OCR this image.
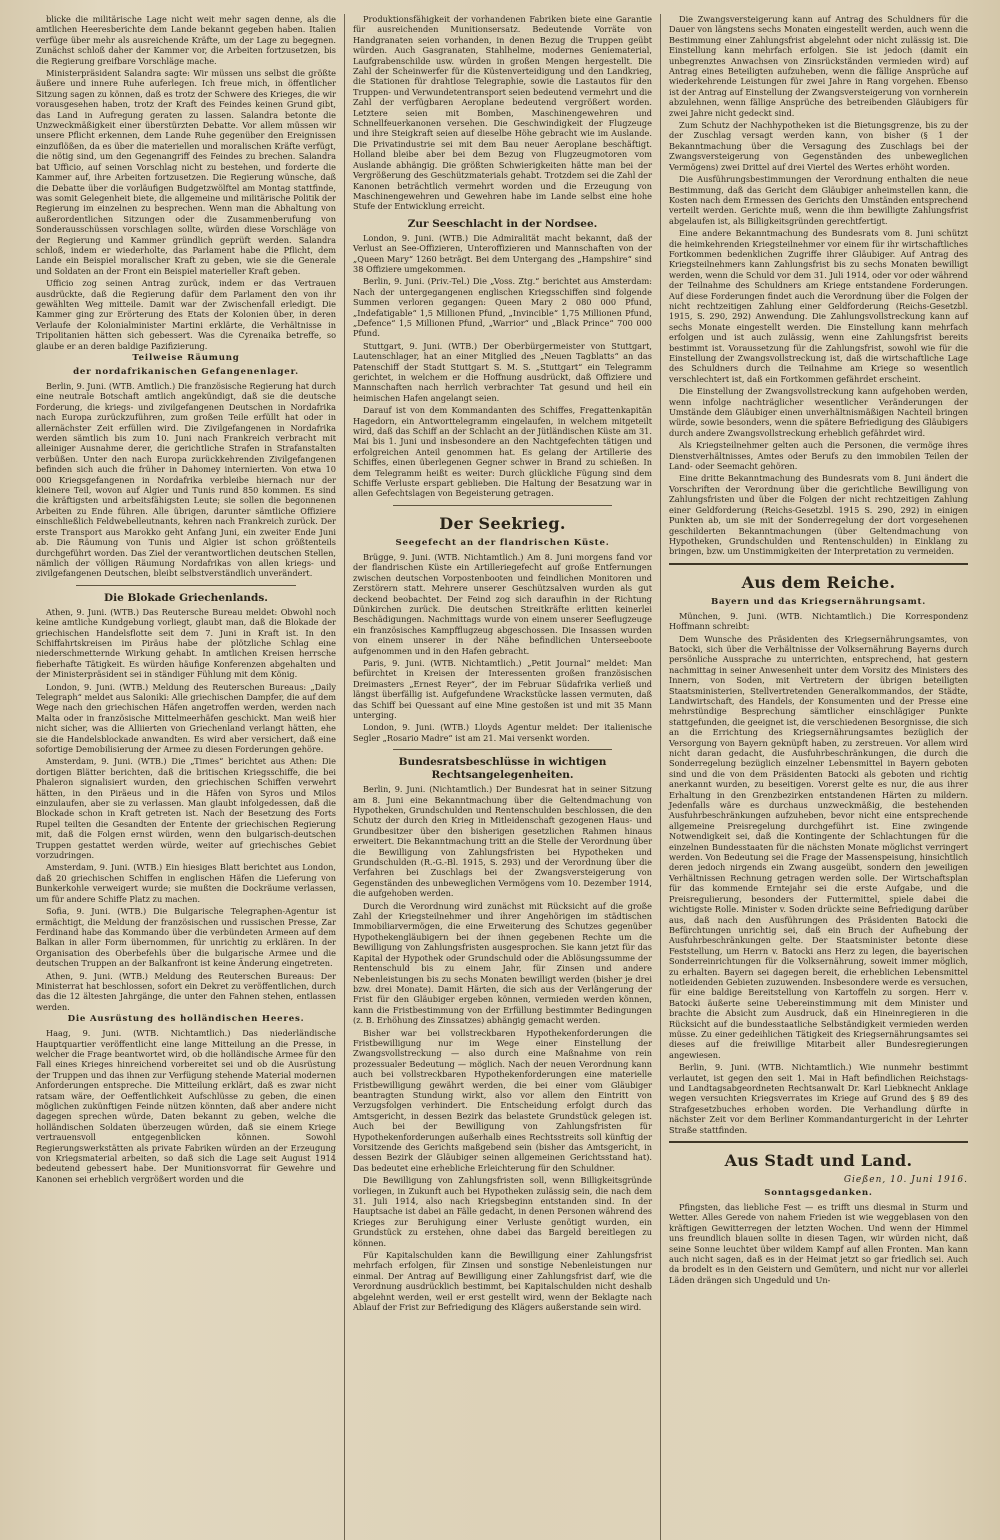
blicke die militärische Lage nicht weit mehr sagen denne, als die amtlichen Heeresberichte dem Lande bekannt gegeben haben. Italien verfüge über mehr als ausreichende Kräfte, um der Lage zu begegnen. Zunächst schloß daher der Kammer vor, die Arbeiten fortzusetzen, bis die Regierung greifbare Vorschläge mache.

Ministerpräsident Salandra sagte: Wir müssen uns selbst die größte äußere und innere Ruhe auferlegen. Ich freue mich, in öffentlicher Sitzung sagen zu können, daß es trotz der Schwere des Krieges, die wir vorausgesehen haben, trotz der Kraft des Feindes keinen Grund gibt, das Land in Aufregung geraten zu lassen. Salandra betonte die Unzweckmäßigkeit einer überstürzten Debatte. Vor allem müssen wir unsere Pflicht erkennen, dem Lande Ruhe gegenüber den Ereignissen einzuflößen, da es über die materiellen und moralischen Kräfte verfügt, die nötig sind, um den Gegenangriff des Feindes zu brechen. Salandra bat Ufficio, auf seinen Vorschlag nicht zu bestehen, und forderte die Kammer auf, ihre Arbeiten fortzusetzen. Die Regierung wünsche, daß die Debatte über die vorläufigen Budgetzwölftel am Montag stattfinde, was somit Gelegenheit biete, die allgemeine und militärische Politik der Regierung im einzelnen zu besprechen. Wenn man die Abhaltung von außerordentlichen Sitzungen oder die Zusammenberufung von Sonderausschüssen vorschlagen sollte, würden diese Vorschläge von der Regierung und Kammer gründlich geprüft werden. Salandra schloß, indem er wiederholte, das Parlament habe die Pflicht, dem Lande ein Beispiel moralischer Kraft zu geben, wie sie die Generale und Soldaten an der Front ein Beispiel materieller Kraft geben.

Ufficio zog seinen Antrag zurück, indem er das Vertrauen ausdrückte, daß die Regierung dafür dem Parlament den von ihr gewählten Weg mitteile. Damit war der Zwischenfall erledigt. Die Kammer ging zur Erörterung des Etats der Kolonien über, in deren Verlaufe der Kolonialminister Martini erklärte, die Verhältnisse in Tripolitanien hätten sich gebessert. Was die Cyrenaika betreffe, so glaube er an deren baldige Pazifizierung.

Teilweise Räumung
der nordafrikanischen Gefangenenlager.

Berlin, 9. Juni. (WTB. Amtlich.) Die französische Regierung hat durch eine neutrale Botschaft amtlich angekündigt, daß sie die deutsche Forderung, die kriegs- und zivilgefangenen Deutschen in Nordafrika nach Europa zurückzuführen, zum großen Teile erfüllt hat oder in allernächster Zeit erfüllen wird. Die Zivilgefangenen in Nordafrika werden sämtlich bis zum 10. Juni nach Frankreich verbracht mit alleiniger Ausnahme derer, die gerichtliche Strafen in Strafanstalten verbüßen. Unter den nach Europa zurückkehrenden Zivilgefangenen befinden sich auch die früher in Dahomey internierten. Von etwa 10 000 Kriegsgefangenen in Nordafrika verbleibe hiernach nur der kleinere Teil, wovon auf Algier und Tunis rund 850 kommen. Es sind die kräftigsten und arbeitsfähigsten Leute; sie sollen die begonnenen Arbeiten zu Ende führen. Alle übrigen, darunter sämtliche Offiziere einschließlich Feldwebelleutnants, kehren nach Frankreich zurück. Der erste Transport aus Marokko geht Anfang Juni, ein zweiter Ende Juni ab. Die Räumung von Tunis und Algier ist schon größtenteils durchgeführt worden. Das Ziel der verantwortlichen deutschen Stellen, nämlich der völligen Räumung Nordafrikas von allen kriegs- und zivilgefangenen Deutschen, bleibt selbstverständlich unverändert.

Die Blokade Griechenlands.

Athen, 9. Juni. (WTB.) Das Reutersche Bureau meldet: Obwohl noch keine amtliche Kundgebung vorliegt, glaubt man, daß die Blokade der griechischen Handelsflotte seit dem 7. Juni in Kraft ist. In den Schiffahrtskreisen im Piräus habe der plötzliche Schlag eine niederschmetternde Wirkung gehabt. In amtlichen Kreisen herrsche fieberhafte Tätigkeit. Es würden häufige Konferenzen abgehalten und der Ministerpräsident sei in ständiger Fühlung mit dem König.

London, 9. Juni. (WTB.) Meldung des Reuterschen Bureaus: „Daily Telegraph“ meldet aus Saloniki: Alle griechischen Dampfer, die auf dem Wege nach den griechischen Häfen angetroffen werden, werden nach Malta oder in französische Mittelmeerhäfen geschickt. Man weiß hier nicht sicher, was die Alliierten von Griechenland verlangt hätten, ehe sie die Handelsblockade anwandten. Es wird aber versichert, daß eine sofortige Demobilisierung der Armee zu diesen Forderungen gehöre.

Amsterdam, 9. Juni. (WTB.) Die „Times“ berichtet aus Athen: Die dortigen Blätter berichten, daß die britischen Kriegsschiffe, die bei Phaleron signalisiert wurden, den griechischen Schiffen verwehrt hätten, in den Piräeus und in die Häfen von Syros und Milos einzulaufen, aber sie zu verlassen. Man glaubt infolgedessen, daß die Blockade schon in Kraft getreten ist. Nach der Besetzung des Forts Rupel teilten die Gesandten der Entente der griechischen Regierung mit, daß die Folgen ernst würden, wenn den bulgarisch-deutschen Truppen gestattet werden würde, weiter auf griechisches Gebiet vorzudringen.

Amsterdam, 9. Juni. (WTB.) Ein hiesiges Blatt berichtet aus London, daß 20 griechischen Schiffen in englischen Häfen die Lieferung von Bunkerkohle verweigert wurde; sie mußten die Dockräume verlassen, um für andere Schiffe Platz zu machen.

Sofia, 9. Juni. (WTB.) Die Bulgarische Telegraphen-Agentur ist ermächtigt, die Meldung der französischen und russischen Presse, Zar Ferdinand habe das Kommando über die verbündeten Armeen auf dem Balkan in aller Form übernommen, für unrichtig zu erklären. In der Organisation des Oberbefehls über die bulgarische Armee und die deutschen Truppen an der Balkanfront ist keine Änderung eingetreten.

Athen, 9. Juni. (WTB.) Meldung des Reuterschen Bureaus: Der Ministerrat hat beschlossen, sofort ein Dekret zu veröffentlichen, durch das die 12 ältesten Jahrgänge, die unter den Fahnen stehen, entlassen werden.

Die Ausrüstung des holländischen Heeres.

Haag, 9. Juni. (WTB. Nichtamtlich.) Das niederländische Hauptquartier veröffentlicht eine lange Mitteilung an die Presse, in welcher die Frage beantwortet wird, ob die holländische Armee für den Fall eines Krieges hinreichend vorbereitet sei und ob die Ausrüstung der Truppen und das ihnen zur Verfügung stehende Material modernen Anforderungen entspreche. Die Mitteilung erklärt, daß es zwar nicht ratsam wäre, der Oeffentlichkeit Aufschlüsse zu geben, die einen möglichen zukünftigen Feinde nützen könnten, daß aber andere nicht dagegen sprechen würde, Daten bekannt zu geben, welche die holländischen Soldaten überzeugen würden, daß sie einem Kriege vertrauensvoll entgegenblicken können. Sowohl Regierungswerkstätten als private Fabriken würden an der Erzeugung von Kriegsmaterial arbeiten, so daß sich die Lage seit August 1914 bedeutend gebessert habe. Der Munitionsvorrat für Gewehre und Kanonen sei erheblich vergrößert worden und die

Produktionsfähigkeit der vorhandenen Fabriken biete eine Garantie für ausreichenden Munitionsersatz. Bedeutende Vorräte von Handgranaten seien vorhanden, in denen Bezug die Truppen geübt würden. Auch Gasgranaten, Stahlhelme, modernes Geniematerial, Laufgrabenschilde usw. würden in großen Mengen hergestellt. Die Zahl der Scheinwerfer für die Küstenverteidigung und den Landkrieg, die Stationen für drahtlose Telegraphie, sowie die Lastautos für den Truppen- und Verwundetentransport seien bedeutend vermehrt und die Zahl der verfügbaren Aeroplane bedeutend vergrößert worden. Letztere seien mit Bomben, Maschinengewehren und Schnellfeuerkanonen versehen. Die Geschwindigkeit der Flugzeuge und ihre Steigkraft seien auf dieselbe Höhe gebracht wie im Auslande. Die Privatindustrie sei mit dem Bau neuer Aeroplane beschäftigt. Holland bleibe aber bei dem Bezug von Flugzeugmotoren vom Auslande abhängig. Die größten Schwierigkeiten hätte man bei der Vergrößerung des Geschützmaterials gehabt. Trotzdem sei die Zahl der Kanonen beträchtlich vermehrt worden und die Erzeugung von Maschinengewehren und Gewehren habe im Lande selbst eine hohe Stufe der Entwicklung erreicht.

Zur Seeschlacht in der Nordsee.

London, 9. Juni. (WTB.) Die Admiralität macht bekannt, daß der Verlust an See-Offizieren, Unteroffizieren und Mannschaften von der „Queen Mary“ 1260 beträgt. Bei dem Untergang des „Hampshire“ sind 38 Offiziere umgekommen.

Berlin, 9. Juni. (Priv.-Tel.) Die „Voss. Ztg.“ berichtet aus Amsterdam: Nach der untergegangenen englischen Kriegsschiffen sind folgende Summen verloren gegangen: Queen Mary 2 080 000 Pfund, „Indefatigable“ 1,5 Millionen Pfund, „Invincible“ 1,75 Millionen Pfund, „Defence“ 1,5 Millionen Pfund, „Warrior“ und „Black Prince“ 700 000 Pfund.

Stuttgart, 9. Juni. (WTB.) Der Oberbürgermeister von Stuttgart, Lautenschlager, hat an einer Mitglied des „Neuen Tagblatts“ an das Patenschiff der Stadt Stuttgart S. M. S. „Stuttgart“ ein Telegramm gerichtet, in welchem er die Hoffnung ausdrückt, daß Offiziere und Mannschaften nach herrlich verbrachter Tat gesund und heil ein heimischen Hafen angelangt seien.

Darauf ist von dem Kommandanten des Schiffes, Fregattenkapitän Hagedorn, ein Antworttelegramm eingelaufen, in welchem mitgeteilt wird, daß das Schiff an der Schlacht an der Jütländischen Küste am 31. Mai bis 1. Juni und insbesondere an den Nachtgefechten tätigen und erfolgreichen Anteil genommen hat. Es gelang der Artillerie des Schiffes, einen überlegenen Gegner schwer in Brand zu schießen. In dem Telegramm heißt es weiter: Durch glückliche Fügung sind dem Schiffe Verluste erspart geblieben. Die Haltung der Besatzung war in allen Gefechtslagen von Begeisterung getragen.

Der Seekrieg.
Seegefecht an der flandrischen Küste.

Brügge, 9. Juni. (WTB. Nichtamtlich.) Am 8. Juni morgens fand vor der flandrischen Küste ein Artilleriegefecht auf große Entfernungen zwischen deutschen Vorpostenbooten und feindlichen Monitoren und Zerstörern statt. Mehrere unserer Geschützsalven wurden als gut deckend beobachtet. Der Feind zog sich daraufhin in der Richtung Dünkirchen zurück. Die deutschen Streitkräfte erlitten keinerlei Beschädigungen. Nachmittags wurde von einem unserer Seeflugzeuge ein französisches Kampfflugzeug abgeschossen. Die Insassen wurden von einem unserer in der Nähe befindlichen Unterseeboote aufgenommen und in den Hafen gebracht.

Paris, 9. Juni. (WTB. Nichtamtlich.) „Petit Journal“ meldet: Man befürchtet in Kreisen der Interessenten großen französischen Dreimasters „Ernest Reyer“, der im Februar Südafrika verließ und längst überfällig ist. Aufgefundene Wrackstücke lassen vermuten, daß das Schiff bei Quessant auf eine Mine gestoßen ist und mit 35 Mann unterging.

London, 9. Juni. (WTB.) Lloyds Agentur meldet: Der italienische Segler „Rosario Madre“ ist am 21. Mai versenkt worden.

Bundesratsbeschlüsse in wichtigen Rechtsangelegenheiten.

Berlin, 9. Juni. (Nichtamtlich.) Der Bundesrat hat in seiner Sitzung am 8. Juni eine Bekanntmachung über die Geltendmachung von Hypotheken, Grundschulden und Rentenschulden beschlossen, die den Schutz der durch den Krieg in Mitleidenschaft gezogenen Haus- und Grundbesitzer über den bisherigen gesetzlichen Rahmen hinaus erweitert. Die Bekanntmachung tritt an die Stelle der Verordnung über die Bewilligung von Zahlungsfristen bei Hypotheken und Grundschulden (R.-G.-Bl. 1915, S. 293) und der Verordnung über die Verfahren bei Zuschlags bei der Zwangsversteigerung von Gegenständen des unbeweglichen Vermögens vom 10. Dezember 1914, die aufgehoben werden.

Durch die Verordnung wird zunächst mit Rücksicht auf die große Zahl der Kriegsteilnehmer und ihrer Angehörigen im städtischen Immobiliarvermögen, die eine Erweiterung des Schutzes gegenüber Hypothekengläubigern bei der ihnen gegebenen Rechte um die Bewilligung von Zahlungsfristen ausgesprochen. Sie kann jetzt für das Kapital der Hypothek oder Grundschuld oder die Ablösungssumme der Rentenschuld bis zu einem Jahr, für Zinsen und andere Nebenleistungen bis zu sechs Monaten bewilligt werden (bisher je drei bzw. drei Monate). Damit Härten, die sich aus der Verlängerung der Frist für den Gläubiger ergeben können, vermieden werden können, kann die Fristbestimmung von der Erfüllung bestimmter Bedingungen (z. B. Erhöhung des Zinssatzes) abhängig gemacht werden.

Bisher war bei vollstreckbaren Hypothekenforderungen die Fristbewilligung nur im Wege einer Einstellung der Zwangsvollstreckung — also durch eine Maßnahme von rein prozessualer Bedeutung — möglich. Nach der neuen Verordnung kann auch bei vollstreckbaren Hypothekenforderungen eine materielle Fristbewilligung gewährt werden, die bei einer vom Gläubiger beantragten Stundung wirkt, also vor allem den Eintritt von Verzugsfolgen verhindert. Die Entscheidung erfolgt durch das Amtsgericht, in dessen Bezirk das belastete Grundstück gelegen ist. Auch bei der Bewilligung von Zahlungsfristen für Hypothekenforderungen außerhalb eines Rechtsstreits soll künftig der Vorsitzende des Gerichts maßgebend sein (bisher das Amtsgericht, in dessen Bezirk der Gläubiger seinen allgemeinen Gerichtsstand hat). Das bedeutet eine erhebliche Erleichterung für den Schuldner.

Die Bewilligung von Zahlungsfristen soll, wenn Billigkeitsgründe vorliegen, in Zukunft auch bei Hypotheken zulässig sein, die nach dem 31. Juli 1914, also nach Kriegsbeginn entstanden sind. In der Hauptsache ist dabei an Fälle gedacht, in denen Personen während des Krieges zur Beruhigung einer Verluste genötigt wurden, ein Grundstück zu erstehen, ohne dabei das Bargeld bereitlegen zu können.

Für Kapitalschulden kann die Bewilligung einer Zahlungsfrist mehrfach erfolgen, für Zinsen und sonstige Nebenleistungen nur einmal. Der Antrag auf Bewilligung einer Zahlungsfrist darf, wie die Verordnung ausdrücklich bestimmt, bei Kapitalschulden nicht deshalb abgelehnt werden, weil er erst gestellt wird, wenn der Beklagte nach Ablauf der Frist zur Befriedigung des Klägers außerstande sein wird.

Die Zwangsversteigerung kann auf Antrag des Schuldners für die Dauer von längstens sechs Monaten eingestellt werden, auch wenn die Bestimmung einer Zahlungsfrist abgelehnt oder nicht zulässig ist. Die Einstellung kann mehrfach erfolgen. Sie ist jedoch (damit ein unbegrenztes Anwachsen von Zinsrückständen vermieden wird) auf Antrag eines Beteiligten aufzuheben, wenn die fällige Ansprüche auf wiederkehrende Leistungen für zwei Jahre in Rang vorgehen. Ebenso ist der Antrag auf Einstellung der Zwangsversteigerung von vornherein abzulehnen, wenn fällige Ansprüche des betreibenden Gläubigers für zwei Jahre nicht gedeckt sind.

Zum Schutz der Nachhypotheken ist die Bietungsgrenze, bis zu der der Zuschlag versagt werden kann, von bisher (§ 1 der Bekanntmachung über die Versagung des Zuschlags bei der Zwangsversteigerung von Gegenständen des unbeweglichen Vermögens) zwei Drittel auf drei Viertel des Wertes erhöht worden.

Die Ausführungsbestimmungen der Verordnung enthalten die neue Bestimmung, daß das Gericht dem Gläubiger anheimstellen kann, die Kosten nach dem Ermessen des Gerichts den Umständen entsprechend verteilt werden. Gerichte muß, wenn die ihm bewilligte Zahlungsfrist abgelaufen ist, als Billigkeitsgründen gerechtfertigt.

Eine andere Bekanntmachung des Bundesrats vom 8. Juni schützt die heimkehrenden Kriegsteilnehmer vor einem für ihr wirtschaftliches Fortkommen bedenklichen Zugriffe ihrer Gläubiger. Auf Antrag des Kriegsteilnehmers kann Zahlungsfrist bis zu sechs Monaten bewilligt werden, wenn die Schuld vor dem 31. Juli 1914, oder vor oder während der Teilnahme des Schuldners am Kriege entstandene Forderungen. Auf diese Forderungen findet auch die Verordnung über die Folgen der nicht rechtzeitigen Zahlung einer Geldforderung (Reichs-Gesetzbl. 1915, S. 290, 292) Anwendung. Die Zahlungsvollstreckung kann auf sechs Monate eingestellt werden. Die Einstellung kann mehrfach erfolgen und ist auch zulässig, wenn eine Zahlungsfrist bereits bestimmt ist. Voraussetzung für die Zahlungsfrist, sowohl wie für die Einstellung der Zwangsvollstreckung ist, daß die wirtschaftliche Lage des Schuldners durch die Teilnahme am Kriege so wesentlich verschlechtert ist, daß ein Fortkommen gefährdet erscheint.

Die Einstellung der Zwangsvollstreckung kann aufgehoben werden, wenn infolge nachträglicher wesentlicher Veränderungen der Umstände dem Gläubiger einen unverhältnismäßigen Nachteil bringen würde, sowie besonders, wenn die spätere Befriedigung des Gläubigers durch andere Zwangsvollstreckung erheblich gefährdet wird.

Als Kriegsteilnehmer gelten auch die Personen, die vermöge ihres Dienstverhältnisses, Amtes oder Berufs zu den immobilen Teilen der Land- oder Seemacht gehören.

Eine dritte Bekanntmachung des Bundesrats vom 8. Juni ändert die Vorschriften der Verordnung über die gerichtliche Bewilligung von Zahlungsfristen und über die Folgen der nicht rechtzeitigen Zahlung einer Geldforderung (Reichs-Gesetzbl. 1915 S. 290, 292) in einigen Punkten ab, um sie mit der Sonderregelung der dort vorgesehenen geschilderten Bekanntmachungen (über Geltendmachung von Hypotheken, Grundschulden und Rentenschulden) in Einklang zu bringen, bzw. um Unstimmigkeiten der Interpretation zu vermeiden.

Aus dem Reiche.
Bayern und das Kriegsernährungsamt.

München, 9. Juni. (WTB. Nichtamtlich.) Die Korrespondenz Hoffmann schreibt:

Dem Wunsche des Präsidenten des Kriegsernährungsamtes, von Batocki, sich über die Verhältnisse der Volksernährung Bayerns durch persönliche Aussprache zu unterrichten, entsprechend, hat gestern nachmittag in seiner Anwesenheit unter dem Vorsitz des Ministers des Innern, von Soden, mit Vertretern der übrigen beteiligten Staatsministerien, Stellvertretenden Generalkommandos, der Städte, Landwirtschaft, des Handels, der Konsumenten und der Presse eine mehrstündige Besprechung sämtlicher einschlägiger Punkte stattgefunden, die geeignet ist, die verschiedenen Besorgnisse, die sich an die Errichtung des Kriegsernährungsamtes bezüglich der Versorgung von Bayern geknüpft haben, zu zerstreuen. Vor allem wird nicht daran gedacht, die Ausfuhrbeschränkungen, die durch die Sonderregelung bezüglich einzelner Lebensmittel in Bayern geboten sind und die von dem Präsidenten Batocki als geboten und richtig anerkannt wurden, zu beseitigen. Vorerst gelte es nur, die aus ihrer Erhaltung in den Grenzbezirken entstandenen Härten zu mildern. Jedenfalls wäre es durchaus unzweckmäßig, die bestehenden Ausfuhrbeschränkungen aufzuheben, bevor nicht eine entsprechende allgemeine Preisregelung durchgeführt ist. Eine zwingende Notwendigkeit sei, daß die Kontingente der Schlachtungen für die einzelnen Bundesstaaten für die nächsten Monate möglichst verringert werden. Von Bedeutung sei die Frage der Massenspeisung, hinsichtlich deren jedoch nirgends ein Zwang ausgeübt, sondern den jeweiligen Verhältnissen Rechnung getragen werden solle. Der Wirtschaftsplan für das kommende Erntejahr sei die erste Aufgabe, und die Preisregulierung, besonders der Futtermittel, spiele dabei die wichtigste Rolle. Minister v. Soden drückte seine Befriedigung darüber aus, daß nach den Ausführungen des Präsidenten Batocki die Befürchtungen unrichtig sei, daß ein Bruch der Aufhebung der Ausfuhrbeschränkungen gelte. Der Staatsminister betonte diese Feststellung, um Herrn v. Batocki ans Herz zu legen, die bayerischen Sonderreinrichtungen für die Volksernährung, soweit immer möglich, zu erhalten. Bayern sei dagegen bereit, die erheblichen Lebensmittel notleidenden Gebieten zuzuwenden. Insbesondere werde es versuchen, für eine baldige Bereitstellung von Kartoffeln zu sorgen. Herr v. Batocki äußerte seine Uebereinstimmung mit dem Minister und brachte die Absicht zum Ausdruck, daß ein Hineinregieren in die Rücksicht auf die bundesstaatliche Selbständigkeit vermieden werden müsse. Zu einer gedeihlichen Tätigkeit des Kriegsernährungsamtes sei dieses auf die freiwillige Mitarbeit aller Bundesregierungen angewiesen.

Berlin, 9. Juni. (WTB. Nichtamtlich.) Wie nunmehr bestimmt verlautet, ist gegen den seit 1. Mai in Haft befindlichen Reichstags- und Landtagsabgeordneten Rechtsanwalt Dr. Karl Liebknecht Anklage wegen versuchten Kriegsverrates im Kriege auf Grund des § 89 des Strafgesetzbuches erhoben worden. Die Verhandlung dürfte in nächster Zeit vor dem Berliner Kommandanturgericht in der Lehrter Straße stattfinden.

Aus Stadt und Land.
Gießen, 10. Juni 1916.
Sonntagsgedanken.

Pfingsten, das liebliche Fest — es trifft uns diesmal in Sturm und Wetter. Alles Gerede von nahem Frieden ist wie weggeblasen von den kräftigen Gewitterregen der letzten Wochen. Und wenn der Himmel uns freundlich blauen sollte in diesen Tagen, wir würden nicht, daß seine Sonne leuchtet über wildem Kampf auf allen Fronten. Man kann auch nicht sagen, daß es in der Heimat jetzt so gar friedlich sei. Auch da brodelt es in den Geistern und Gemütern, und nicht nur vor allerlei Läden drängen sich Ungeduld und Un-
